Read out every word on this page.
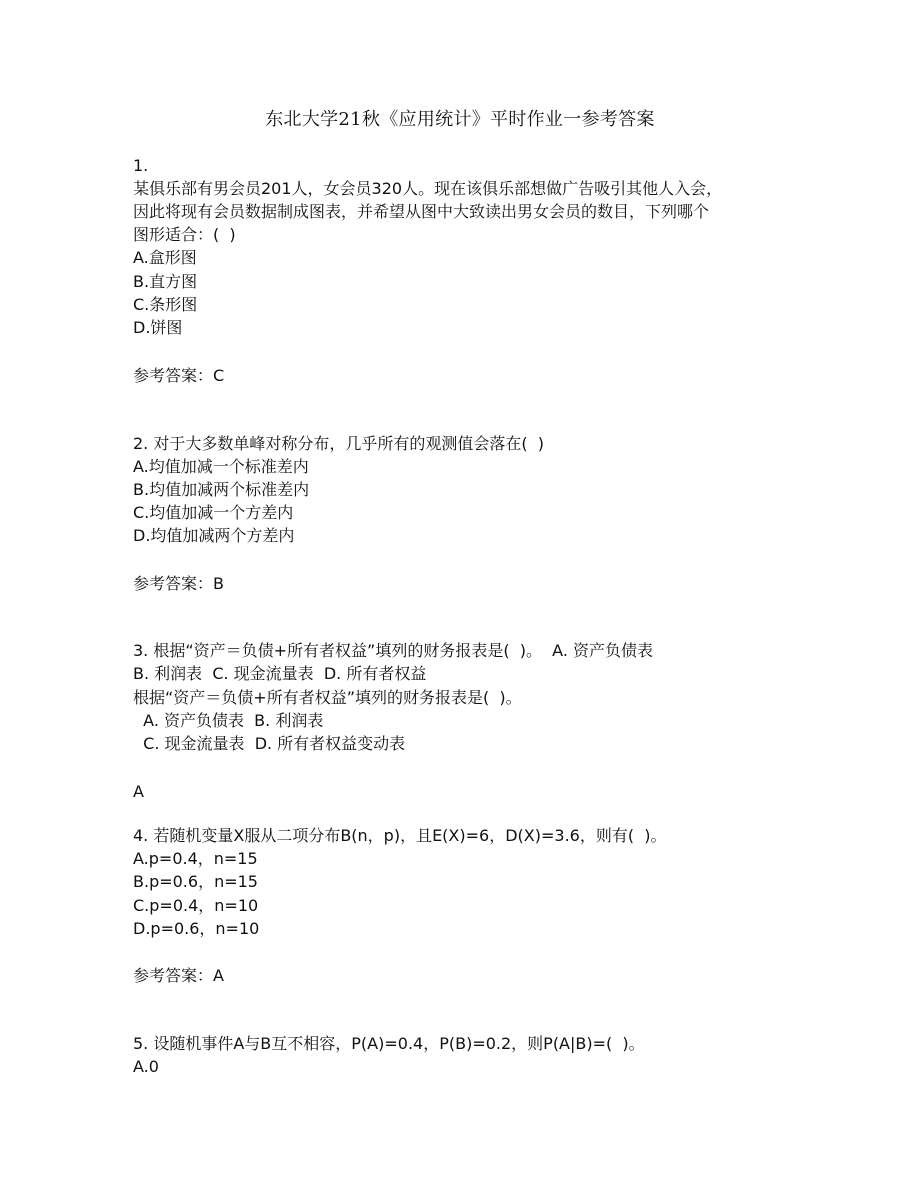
东北大学21秋《应用统计》平时作业一参考答案
1.
某俱乐部有男会员201人，女会员320人。现在该俱乐部想做广告吸引其他人入会，
因此将现有会员数据制成图表，并希望从图中大致读出男女会员的数目，下列哪个
图形适合：(  )
A.盒形图
B.直方图
C.条形图
D.饼图
参考答案：C
2. 对于大多数单峰对称分布，几乎所有的观测值会落在(  )
A.均值加减一个标准差内
B.均值加减两个标准差内
C.均值加减一个方差内
D.均值加减两个方差内
参考答案：B
3. 根据“资产＝负债+所有者权益”填列的财务报表是(  )。  A. 资产负债表
B. 利润表  C. 现金流量表  D. 所有者权益
根据“资产＝负债+所有者权益”填列的财务报表是(  )。
A. 资产负债表  B. 利润表
C. 现金流量表  D. 所有者权益变动表
A
4. 若随机变量X服从二项分布B(n，p)，且E(X)=6，D(X)=3.6，则有(  )。
A.p=0.4，n=15
B.p=0.6，n=15
C.p=0.4，n=10
D.p=0.6，n=10
参考答案：A
5. 设随机事件A与B互不相容，P(A)=0.4，P(B)=0.2，则P(A|B)=(  )。
A.0
